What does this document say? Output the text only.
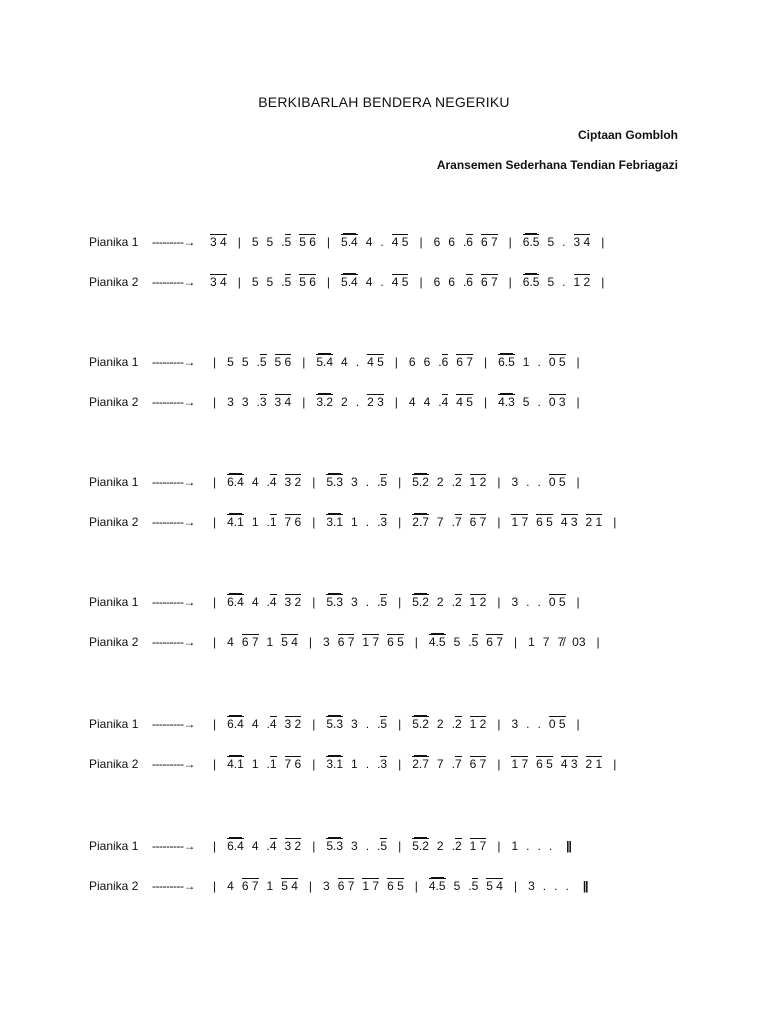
BERKIBARLAH BENDERA NEGERIKU
Ciptaan Gombloh
Aransemen Sederhana Tendian Febriagazi
Pianika 1 ---------→ 3 4 | 5 5 .5 5 6 | 5.4 4 . 4 5 | 6 6 .6 6 7 | 6.5 5 . 3 4 |
Pianika 2 ---------→ 3 4 | 5 5 .5 5 6 | 5.4 4 . 4 5 | 6 6 .6 6 7 | 6.5 5 . 1 2 |
Pianika 1 ---------→ | 5 5 .5 5 6 | 5.4 4 . 4 5 | 6 6 .6 6 7 | 6.5 1 . 0 5 |
Pianika 2 ---------→ | 3 3 .3 3 4 | 3.2 2 . 2 3 | 4 4 .4 4 5 | 4.3 5 . 0 3 |
Pianika 1 ---------→ | 6.4 4 .4 3 2 | 5.3 3 . .5 | 5.2 2 .2 1 2 | 3 . . 0 5 |
Pianika 2 ---------→ | 4.1 1 .1 7 6 | 3.1 1 . .3 | 2.7 7 .7 6 7 | 1 7 6 5 4 3 2 1 |
Pianika 1 ---------→ | 6.4 4 .4 3 2 | 5.3 3 . .5 | 5.2 2 .2 1 2 | 3 . . 0 5 |
Pianika 2 ---------→ | 4 6 7 1 5 4 | 3 6 7 1 7 6 5 | 4.5 5 .5 6 7 | 1 7 7 03 |
Pianika 1 ---------→ | 6.4 4 .4 3 2 | 5.3 3 . .5 | 5.2 2 .2 1 2 | 3 . . 0 5 |
Pianika 2 ---------→ | 4.1 1 .1 7 6 | 3.1 1 . .3 | 2.7 7 .7 6 7 | 1 7 6 5 4 3 2 1 |
Pianika 1 ---------→ | 6.4 4 .4 3 2 | 5.3 3 . .5 | 5.2 2 .2 1 7 | 1 . . . ||
Pianika 2 ---------→ | 4 6 7 1 5 4 | 3 6 7 1 7 6 5 | 4.5 5 .5 5 4 | 3 . . . ||
